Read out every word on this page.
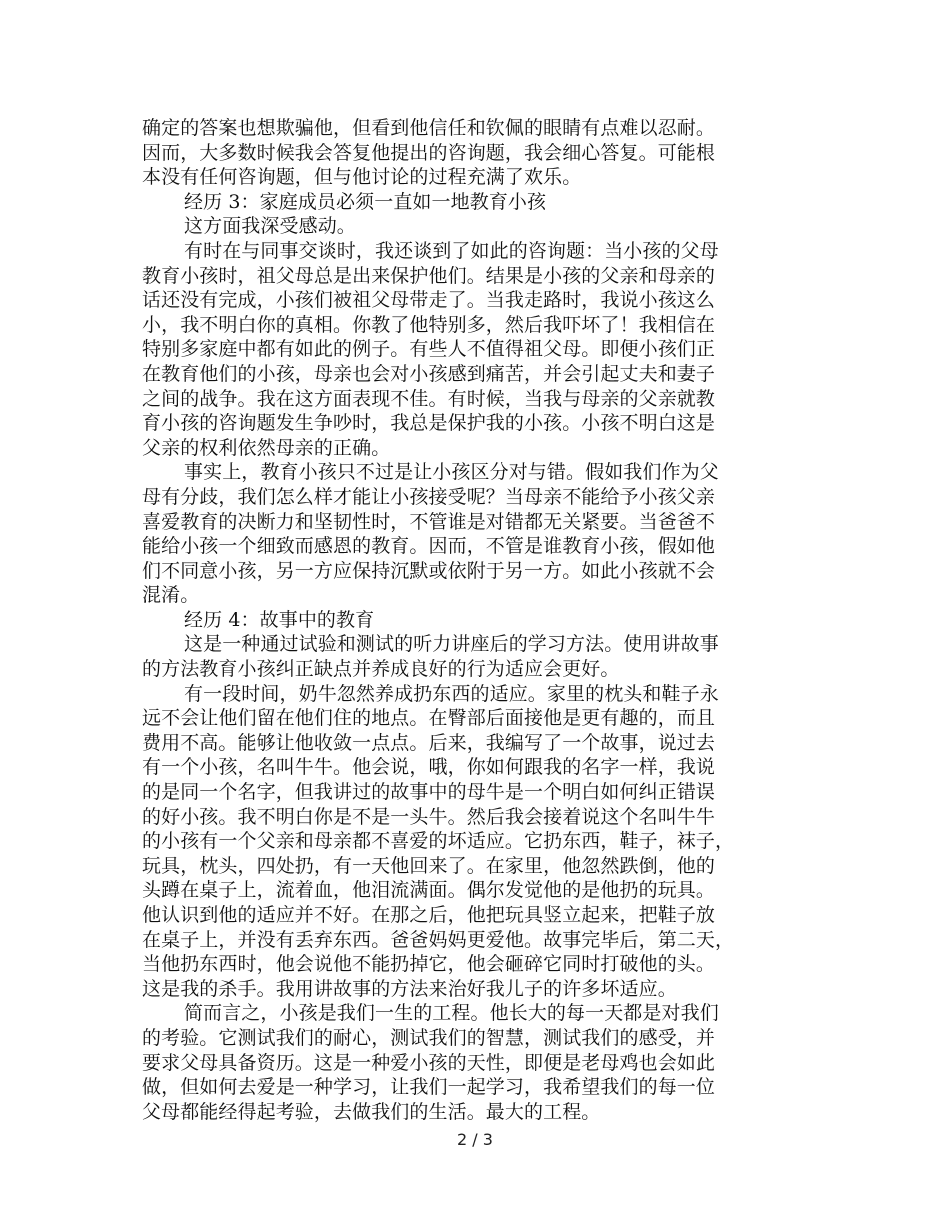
确定的答案也想欺骗他，但看到他信任和钦佩的眼睛有点难以忍耐。
因而，大多数时候我会答复他提出的咨询题，我会细心答复。可能根
本没有任何咨询题，但与他讨论的过程充满了欢乐。
经历 3：家庭成员必须一直如一地教育小孩
这方面我深受感动。
有时在与同事交谈时，我还谈到了如此的咨询题：当小孩的父母
教育小孩时，祖父母总是出来保护他们。结果是小孩的父亲和母亲的
话还没有完成，小孩们被祖父母带走了。当我走路时，我说小孩这么
小，我不明白你的真相。你教了他特别多，然后我吓坏了！我相信在
特别多家庭中都有如此的例子。有些人不值得祖父母。即便小孩们正
在教育他们的小孩，母亲也会对小孩感到痛苦，并会引起丈夫和妻子
之间的战争。我在这方面表现不佳。有时候，当我与母亲的父亲就教
育小孩的咨询题发生争吵时，我总是保护我的小孩。小孩不明白这是
父亲的权利依然母亲的正确。
事实上，教育小孩只不过是让小孩区分对与错。假如我们作为父
母有分歧，我们怎么样才能让小孩接受呢？当母亲不能给予小孩父亲
喜爱教育的决断力和坚韧性时，不管谁是对错都无关紧要。当爸爸不
能给小孩一个细致而感恩的教育。因而，不管是谁教育小孩，假如他
们不同意小孩，另一方应保持沉默或依附于另一方。如此小孩就不会
混淆。
经历 4：故事中的教育
这是一种通过试验和测试的听力讲座后的学习方法。使用讲故事
的方法教育小孩纠正缺点并养成良好的行为适应会更好。
有一段时间，奶牛忽然养成扔东西的适应。家里的枕头和鞋子永
远不会让他们留在他们住的地点。在臀部后面接他是更有趣的，而且
费用不高。能够让他收敛一点点。后来，我编写了一个故事，说过去
有一个小孩，名叫牛牛。他会说，哦，你如何跟我的名字一样，我说
的是同一个名字，但我讲过的故事中的母牛是一个明白如何纠正错误
的好小孩。我不明白你是不是一头牛。然后我会接着说这个名叫牛牛
的小孩有一个父亲和母亲都不喜爱的坏适应。它扔东西，鞋子，袜子，
玩具，枕头，四处扔，有一天他回来了。在家里，他忽然跌倒，他的
头蹲在桌子上，流着血，他泪流满面。偶尔发觉他的是他扔的玩具。
他认识到他的适应并不好。在那之后，他把玩具竖立起来，把鞋子放
在桌子上，并没有丢弃东西。爸爸妈妈更爱他。故事完毕后，第二天，
当他扔东西时，他会说他不能扔掉它，他会砸碎它同时打破他的头。
这是我的杀手。我用讲故事的方法来治好我儿子的许多坏适应。
简而言之，小孩是我们一生的工程。他长大的每一天都是对我们
的考验。它测试我们的耐心，测试我们的智慧，测试我们的感受，并
要求父母具备资历。这是一种爱小孩的天性，即便是老母鸡也会如此
做，但如何去爱是一种学习，让我们一起学习，我希望我们的每一位
父母都能经得起考验，去做我们的生活。最大的工程。
2 / 3
